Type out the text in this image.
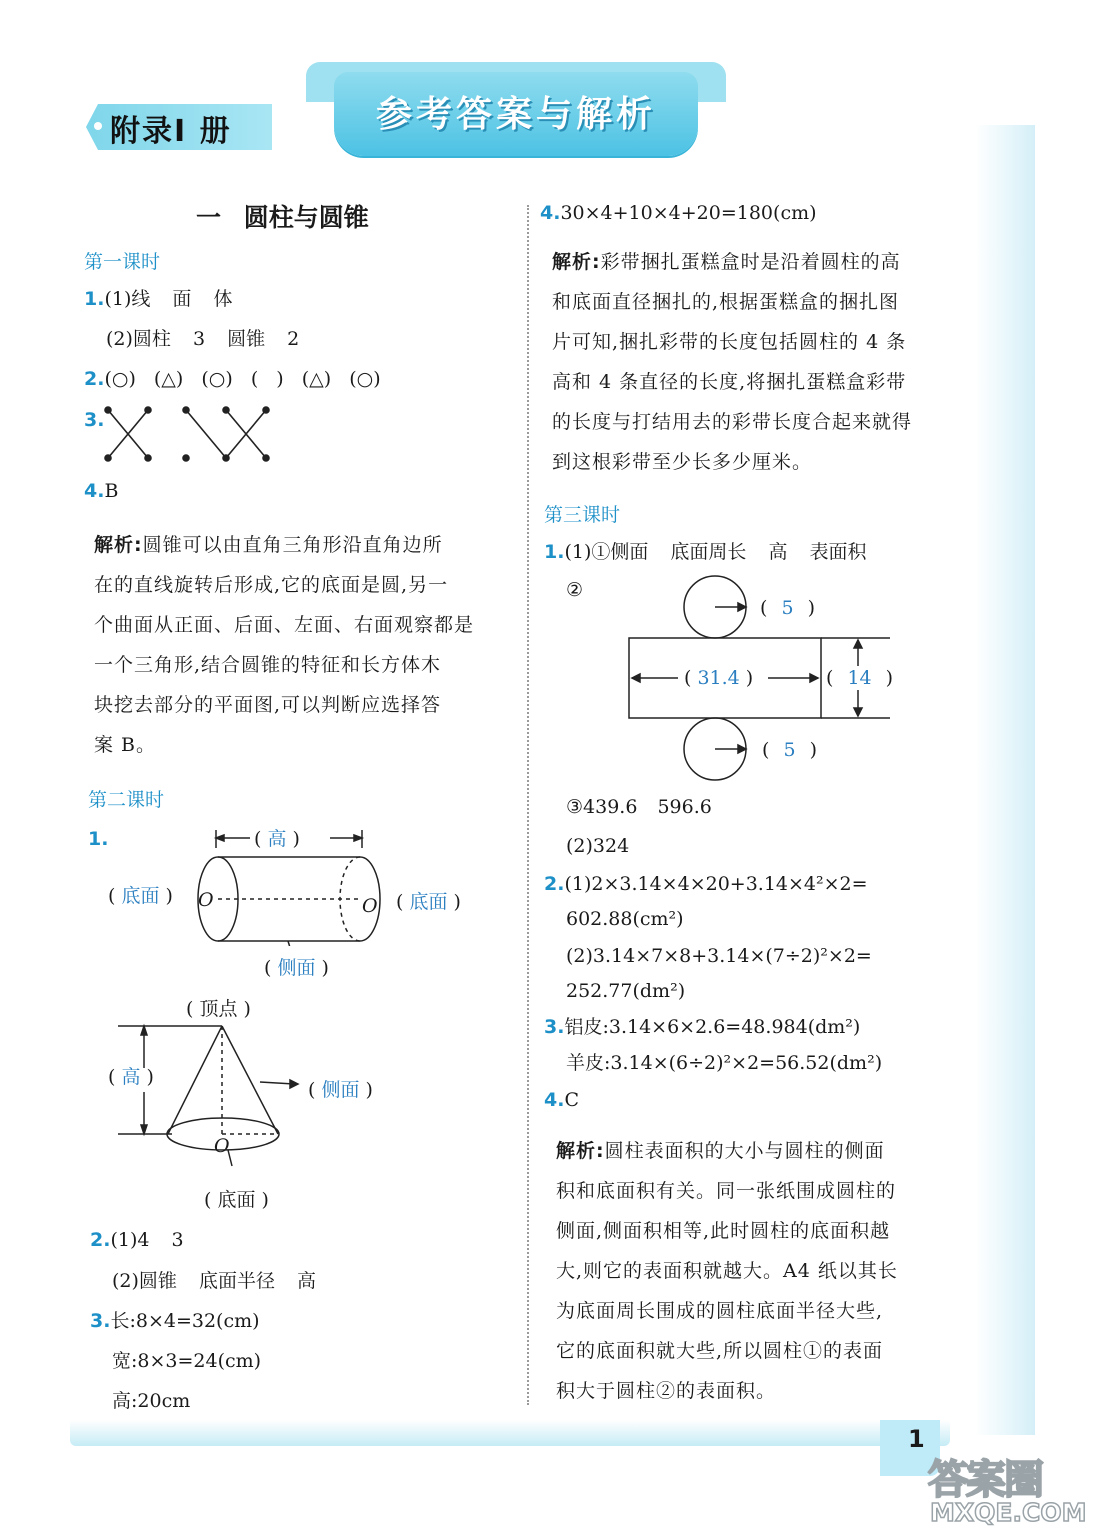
1
附录Ⅰ 册	参考答案与解析
一 圆柱与圆锥
第一课时
1.(1)线 面 体
(2)圆柱 3 圆锥 2
2.(○) (△) (○) ( ) (△) (○)
3.
4.B

解析:圆锥可以由直角三角形沿直角边所

在的直线旋转后形成,它的底面是圆,另一

个曲面从正面、后面、左面、右面观察都是

一个三角形,结合圆锥的特征和长方体木

块挖去部分的平面图,可以判断应选择答

案 B。

第二课时
1.	( 高 )
O	O
( 底面 )	( 底面 )
( 侧面 )
( 顶点 )
( 高 )
( 侧面 )
O
( 底面 )
2.(1)4 3
(2)圆锥 底面半径 高
3.长:8×4=32(cm)
宽:8×3=24(cm)
高:20cm
4.30×4+10×4+20=180(cm)

解析:彩带捆扎蛋糕盒时是沿着圆柱的高

和底面直径捆扎的,根据蛋糕盒的捆扎图

片可知,捆扎彩带的长度包括圆柱的 4 条

高和 4 条直径的长度,将捆扎蛋糕盒彩带

的长度与打结用去的彩带长度合起来就得

到这根彩带至少长多少厘米。

第三课时
1.(1)①侧面 底面周长 高 表面积
②
( 5 )
( 31.4 )	( 14 )
( 5 )
③439.6 596.6
(2)324
2.(1)2×3.14×4×20+3.14×4²×2=
602.88(cm²)
(2)3.14×7×8+3.14×(7÷2)²×2=
252.77(dm²)
3.铝皮:3.14×6×2.6=48.984(dm²)
羊皮:3.14×(6÷2)²×2=56.52(dm²)
4.C

解析:圆柱表面积的大小与圆柱的侧面

积和底面积有关。同一张纸围成圆柱的

侧面,侧面积相等,此时圆柱的底面积越

大,则它的表面积就越大。A4 纸以其长

为底面周长围成的圆柱底面半径大些,

它的底面积就大些,所以圆柱①的表面

积大于圆柱②的表面积。

答案圈
MXQE.COM
